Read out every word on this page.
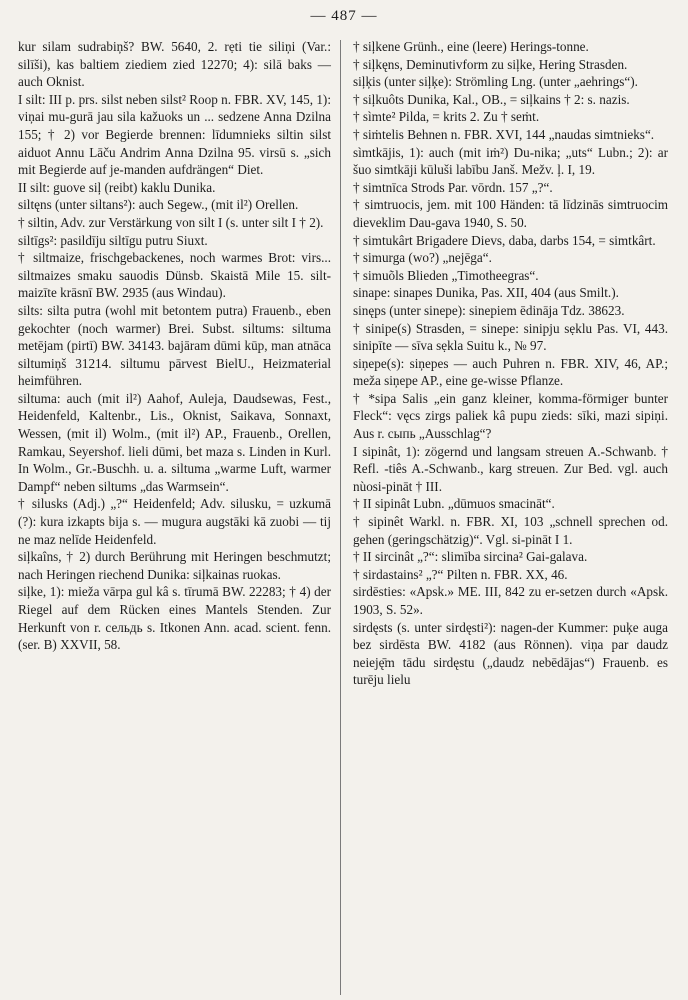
— 487 —

kur silam sudrabiņš? BW. 5640, 2. rẹti tie siliņi (Var.: silīši), kas baltiem ziediem zied 12270; 4): silā baks — auch Oknist.

I silt: III p. prs. silst neben silst² Roop n. FBR. XV, 145, 1): viņai mu-gurā jau sila kažuoks un ... sedzene Anna Dzilna 155; † 2) vor Begierde brennen: līdumnieks siltin silst aiduot Annu Lāču Andrim Anna Dzilna 95. virsū s. „sich mit Begierde auf je-manden aufdrängen“ Diet.

II silt: guove siļ (reibt) kaklu Dunika.

siltęns (unter siltans²): auch Segew., (mit il²) Orellen.

† siltin, Adv. zur Verstärkung von silt I (s. unter silt I † 2).

siltīgs²: pasildīju siltīgu putru Siuxt.

† siltmaize, frischgebackenes, noch warmes Brot: virs... siltmaizes smaku sauodis Dünsb. Skaistā Mile 15. silt-maizīte krāsnī BW. 2935 (aus Windau).

silts: silta putra (wohl mit betontem putra) Frauenb., eben gekochter (noch warmer) Brei. Subst. siltums: siltuma metējam (pirtī) BW. 34143. bajāram dūmi kūp, man atnāca siltumiņš 31214. siltumu pārvest BielU., Heizmaterial heimführen.

siltuma: auch (mit il²) Aahof, Auleja, Daudsewas, Fest., Heidenfeld, Kaltenbr., Lis., Oknist, Saikava, Sonnaxt, Wessen, (mit il) Wolm., (mit il²) AP., Frauenb., Orellen, Ramkau, Seyershof. lieli dūmi, bet maza s. Linden in Kurl. In Wolm., Gr.-Buschh. u. a. siltuma „warme Luft, warmer Dampf“ neben siltums „das Warmsein“.

† silusks (Adj.) „?“ Heidenfeld; Adv. silusku, = uzkumā (?): kura izkapts bija s. — mugura augstāki kā zuobi — tij ne maz nelīde Heidenfeld.

siļkaîns, † 2) durch Berührung mit Heringen beschmutzt; nach Heringen riechend Dunika: siļkainas ruokas.

siļke, 1): mieža vārpa gul kâ s. tīrumā BW. 22283; † 4) der Riegel auf dem Rücken eines Mantels Stenden. Zur Herkunft von r. сельдь s. Itkonen Ann. acad. scient. fenn. (ser. B) XXVII, 58.

† siļkene Grünh., eine (leere) Herings-tonne.

† siļkęns, Deminutivform zu siļke, Hering Strasden.

siļķis (unter siļķe): Strömling Lng. (unter „aehrings“).

† siļkuôts Dunika, Kal., OB., = siļkains † 2: s. nazis.

† sìmte² Pilda, = krits 2. Zu † seṁt.

† siṁtelis Behnen n. FBR. XVI, 144 „naudas simtnieks“.

sìmtkājis, 1): auch (mit iṁ²) Du-nika; „uts“ Lubn.; 2): ar šuo simtkāji kūluši labību Janš. Mežv. ļ. I, 19.

† simtnīca Strods Par. vōrdn. 157 „?“.

† simtruocis, jem. mit 100 Händen: tā līdzinās simtruocim dieveklim Dau-gava 1940, S. 50.

† simtukârt Brigadere Dievs, daba, darbs 154, = simtkârt.

† simurga (wo?) „nejēga“.

† simuõls Blieden „Timotheegras“.

sinape: sinapes Dunika, Pas. XII, 404 (aus Smilt.).

sinęps (unter sinepe): sinepiem ēdināja Tdz. 38623.

† sinipe(s) Strasden, = sinepe: sinipju sẹklu Pas. VI, 443. sinipīte — sīva sẹkla Suitu k., № 97.

siņepe(s): siņepes — auch Puhren n. FBR. XIV, 46, AP.; meža siņepe AP., eine ge-wisse Pflanze.

† *sipa Salis „ein ganz kleiner, komma-förmiger bunter Fleck“: vęcs zirgs paliek kâ pupu zieds: sīki, mazi sipiņi. Aus r. сыпь „Ausschlag“?

I sipinât, 1): zögernd und langsam streuen A.-Schwanb. † Refl. -tiês A.-Schwanb., karg streuen. Zur Bed. vgl. auch nùosi-pināt † III.

† II sipinât Lubn. „dūmuos smacināt“.

† sipinêt Warkl. n. FBR. XI, 103 „schnell sprechen od. gehen (geringschätzig)“. Vgl. si-pināt I 1.

† II sircinât „?“: slimība sircina² Gai-galava.

† sirdastains² „?“ Pilten n. FBR. XX, 46.

sirdēsties: «Apsk.» ME. III, 842 zu er-setzen durch «Apsk. 1903, S. 52».

sirdęsts (s. unter sirdęsti²): nagen-der Kummer: puķe auga bez sirdēsta BW. 4182 (aus Rönnen). viņa par daudz neieję̄m tādu sirdęstu („daudz nebēdājas“) Frauenb. es turēju lielu
